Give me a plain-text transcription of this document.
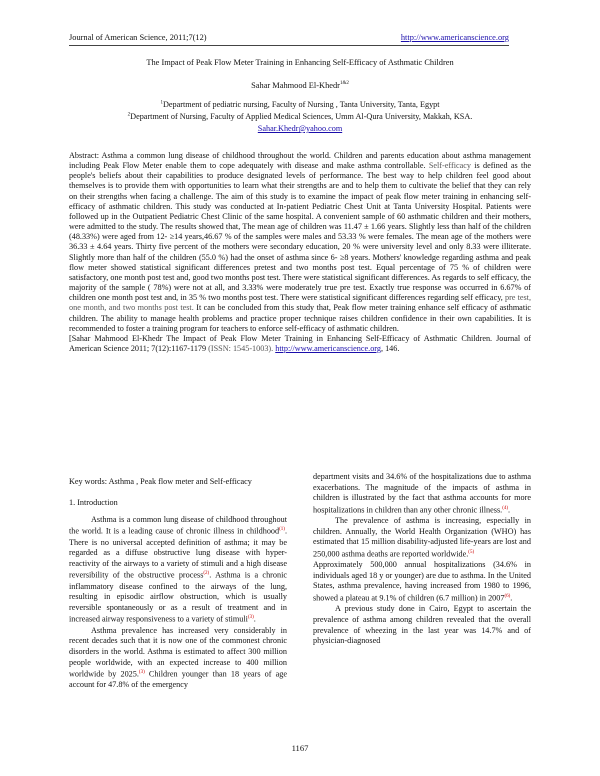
Journal of American Science, 2011;7(12)	http://www.americanscience.org
The Impact of Peak Flow Meter Training in Enhancing Self-Efficacy of Asthmatic Children
Sahar Mahmood El-Khedr$^{1\&2}$
$^1$Department of pediatric nursing, Faculty of Nursing , Tanta University, Tanta, Egypt
$^2$Department of Nursing, Faculty of Applied Medical Sciences, Umm Al-Qura University, Makkah, KSA.
Sahar.Khedr@yahoo.com
Abstract: Asthma a common lung disease of childhood throughout the world. Children and parents education about asthma management including Peak Flow Meter enable them to cope adequately with disease and make asthma controllable. Self-efficacy is defined as the people's beliefs about their capabilities to produce designated levels of performance. The best way to help children feel good about themselves is to provide them with opportunities to learn what their strengths are and to help them to cultivate the belief that they can rely on their strengths when facing a challenge. The aim of this study is to examine the impact of peak flow meter training in enhancing self-efficacy of asthmatic children. This study was conducted at In-patient Pediatric Chest Unit at Tanta University Hospital. Patients were followed up in the Outpatient Pediatric Chest Clinic of the same hospital. A convenient sample of 60 asthmatic children and their mothers, were admitted to the study. The results showed that, The mean age of children was 11.47 ± 1.66 years. Slightly less than half of the children (48.33%) were aged from 12- ≥14 years,46.67 % of the samples were males and 53.33 % were females. The mean age of the mothers were 36.33 ± 4.64 years. Thirty five percent of the mothers were secondary education, 20 % were university level and only 8.33 were illiterate. Slightly more than half of the children (55.0 %) had the onset of asthma since 6- ≥8 years. Mothers' knowledge regarding asthma and peak flow meter showed statistical significant differences pretest and two months post test. Equal percentage of 75 % of children were satisfactory, one month post test and, good two months post test. There were statistical significant differences. As regards to self efficacy, the majority of the sample ( 78%) were not at all, and 3.33% were moderately true pre test. Exactly true response was occurred in 6.67% of children one month post test and, in 35 % two months post test. There were statistical significant differences regarding self efficacy, pre test, one month, and two months post test. It can be concluded from this study that, Peak flow meter training enhance self efficacy of asthmatic children. The ability to manage health problems and practice proper technique raises children confidence in their own capabilities. It is recommended to foster a training program for teachers to enforce self-efficacy of asthmatic children.
[Sahar Mahmood El-Khedr The Impact of Peak Flow Meter Training in Enhancing Self-Efficacy of Asthmatic Children. Journal of American Science 2011; 7(12):1167-1179 (ISSN: 1545-1003). http://www.americanscience.org, 146.
Key words: Asthma , Peak flow meter and Self-efficacy
1. Introduction

Asthma is a common lung disease of childhood throughout the world. It is a leading cause of chronic illness in childhood$^{(1)}$. There is no universal accepted definition of asthma; it may be regarded as a diffuse obstructive lung disease with hyper-reactivity of the airways to a variety of stimuli and a high disease reversibility of the obstructive process$^{(2)}$. Asthma is a chronic inflammatory disease confined to the airways of the lung, resulting in episodic airflow obstruction, which is usually reversible spontaneously or as a result of treatment and in increased airway responsiveness to a variety of stimuli$^{(3)}$.

Asthma prevalence has increased very considerably in recent decades such that it is now one of the commonest chronic disorders in the world. Asthma is estimated to affect 300 million people worldwide, with an expected increase to 400 million worldwide by 2025.$^{(3)}$ Children younger than 18 years of age account for 47.8% of the emergency

department visits and 34.6% of the hospitalizations due to asthma exacerbations. The magnitude of the impacts of asthma in children is illustrated by the fact that asthma accounts for more hospitalizations in children than any other chronic illness.$^{(4)}$.

The prevalence of asthma is increasing, especially in children. Annually, the World Health Organization (WHO) has estimated that 15 million disability-adjusted life-years are lost and 250,000 asthma deaths are reported worldwide.$^{(5)}$

Approximately 500,000 annual hospitalizations (34.6% in individuals aged 18 y or younger) are due to asthma. In the United States, asthma prevalence, having increased from 1980 to 1996, showed a plateau at 9.1% of children (6.7 million) in 2007$^{(6)}$.

A previous study done in Cairo, Egypt to ascertain the prevalence of asthma among children revealed that the overall prevalence of wheezing in the last year was 14.7% and of physician-diagnosed

1167
